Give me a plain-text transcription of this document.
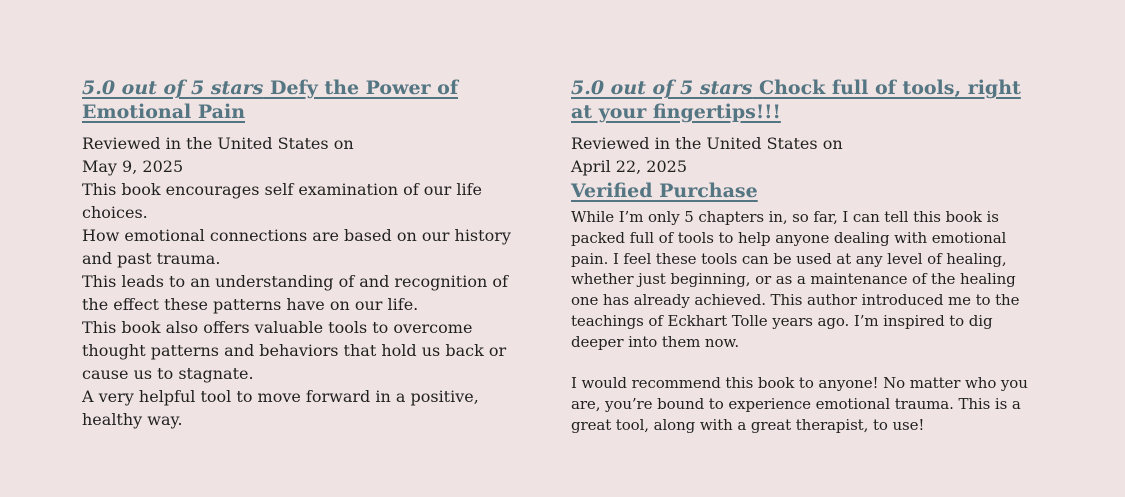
5.0 out of 5 stars Defy the Power of Emotional Pain
Reviewed in the United States on
May 9, 2025

This book encourages self examination of our life choices.

How emotional connections are based on our history and past trauma.

This leads to an understanding of and recognition of the effect these patterns have on our life.

This book also offers valuable tools to overcome thought patterns and behaviors that hold us back or cause us to stagnate.

A very helpful tool to move forward in a positive, healthy way.

5.0 out of 5 stars Chock full of tools, right at your fingertips!!!
Reviewed in the United States on
April 22, 2025
Verified Purchase

While I’m only 5 chapters in, so far, I can tell this book is packed full of tools to help anyone dealing with emotional pain. I feel these tools can be used at any level of healing, whether just beginning, or as a maintenance of the healing one has already achieved. This author introduced me to the teachings of Eckhart Tolle years ago. I’m inspired to dig deeper into them now.

I would recommend this book to anyone! No matter who you are, you’re bound to experience emotional trauma. This is a great tool, along with a great therapist, to use!
